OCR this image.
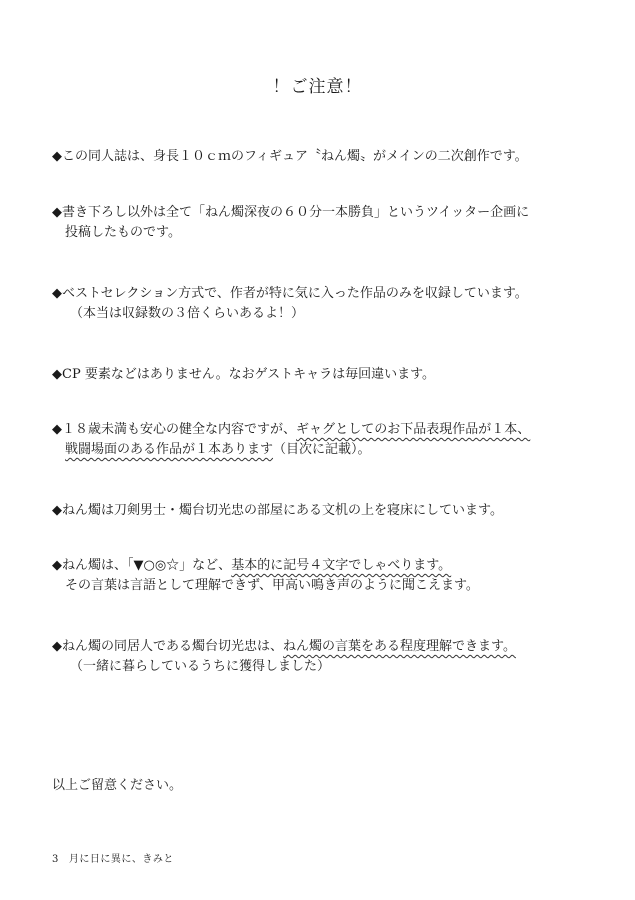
！ご注意！
◆この同人誌は、身長１０ｃｍのフィギュア〝ねん燭〟がメインの二次創作です。
◆書き下ろし以外は全て「ねん燭深夜の６０分一本勝負」というツイッター企画に
投稿したものです。
◆ベストセレクション方式で、作者が特に気に入った作品のみを収録しています。
（本当は収録数の３倍くらいあるよ！）
◆CP 要素などはありません。なおゲストキャラは毎回違います。
◆１８歳未満も安心の健全な内容ですが、ギャグとしてのお下品表現作品が１本、
戦闘場面のある作品が１本あります（目次に記載）。
◆ねん燭は刀剣男士・燭台切光忠の部屋にある文机の上を寝床にしています。
◆ねん燭は、「▼○◎☆」など、基本的に記号４文字でしゃべります。
その言葉は言語として理解できず、甲高い鳴き声のように聞こえます。
◆ねん燭の同居人である燭台切光忠は、ねん燭の言葉をある程度理解できます。
（一緒に暮らしているうちに獲得しました）
以上ご留意ください。
3 月に日に異に、きみと
